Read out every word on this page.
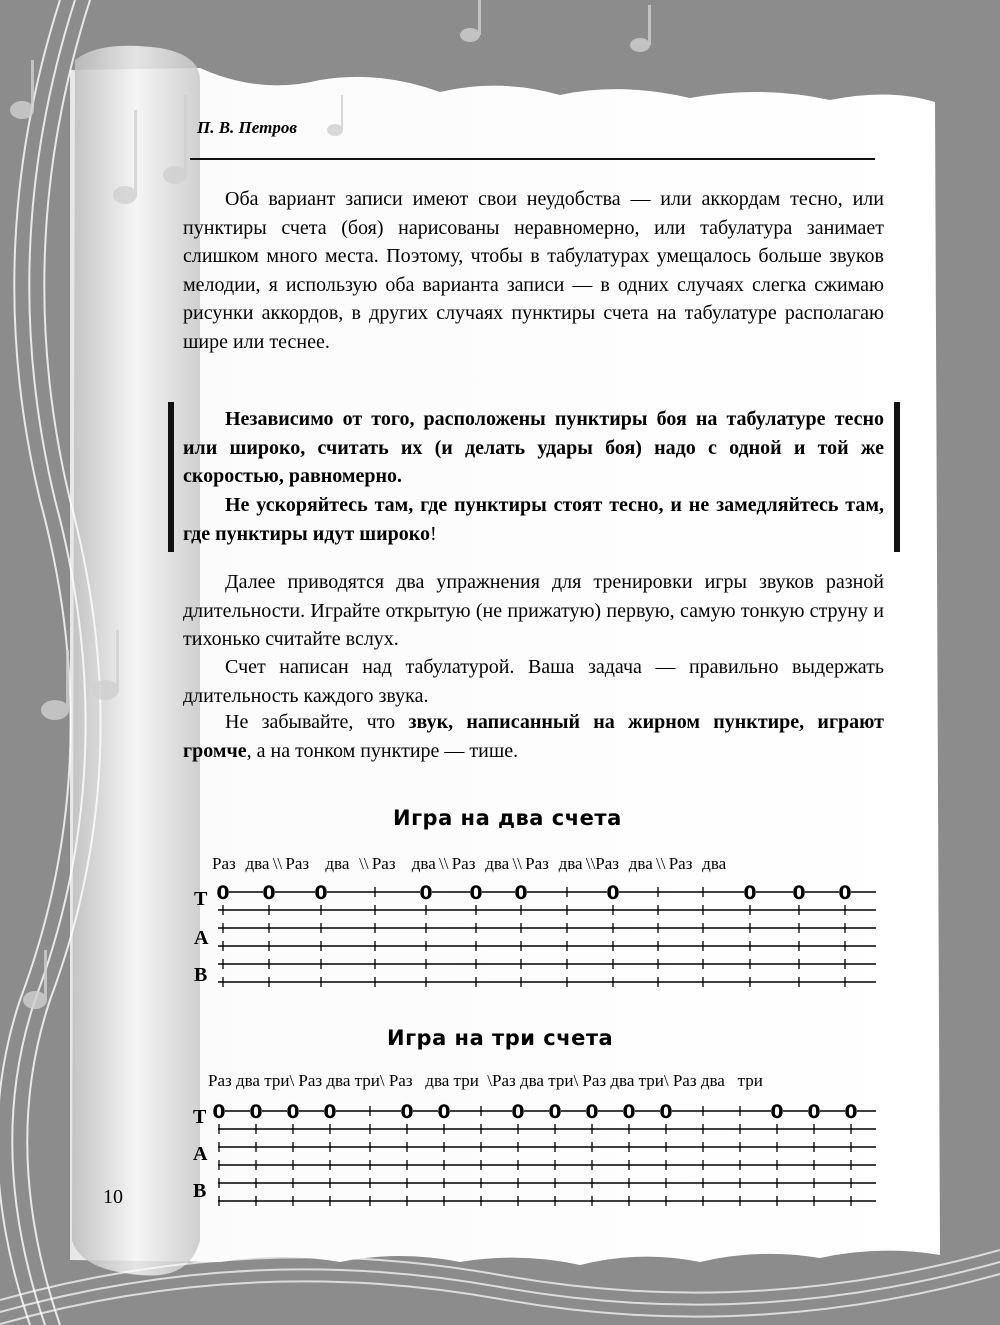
П. В. Петров

Оба вариант записи имеют свои неудобства — или аккордам тесно, или пунктиры счета (боя) нарисованы неравномерно, или табулатура занимает слишком много места. Поэтому, чтобы в табулатурах умещалось больше звуков мелодии, я использую оба варианта записи — в одних случаях слегка сжимаю рисунки аккордов, в других случаях пунктиры счета на табулатуре располагаю шире или теснее.

Независимо от того, расположены пунктиры боя на табулатуре тесно или широко, считать их (и делать удары боя) надо с одной и той же скоростью, равномерно.

Не ускоряйтесь там, где пунктиры стоят тесно, и не замедляйтесь там, где пунктиры идут широко!

Далее приводятся два упражнения для тренировки игры звуков разной длительности. Играйте открытую (не прижатую) первую, самую тонкую струну и тихонько считайте вслух.

Счет написан над табулатурой. Ваша задача — правильно выдержать длительность каждого звука.

Не забывайте, что звук, написанный на жирном пунктире, играют громче, а на тонком пунктире — тише.

Игра на два счета
Раз   два \\ Раз     два   \\ Раз     два \\ Раз   два \\ Раз   два \\Раз   два \\ Раз   два
T
A
B
0 0 0	0 0 0	0	0 0 0
Игра на три счета
Раз два три\ Раз два три\ Раз   два три  \Раз два три\ Раз два три\ Раз два   три
T
A
B
0 0 0 0	0 0	0 0 0 0 0	0 0 0
10
